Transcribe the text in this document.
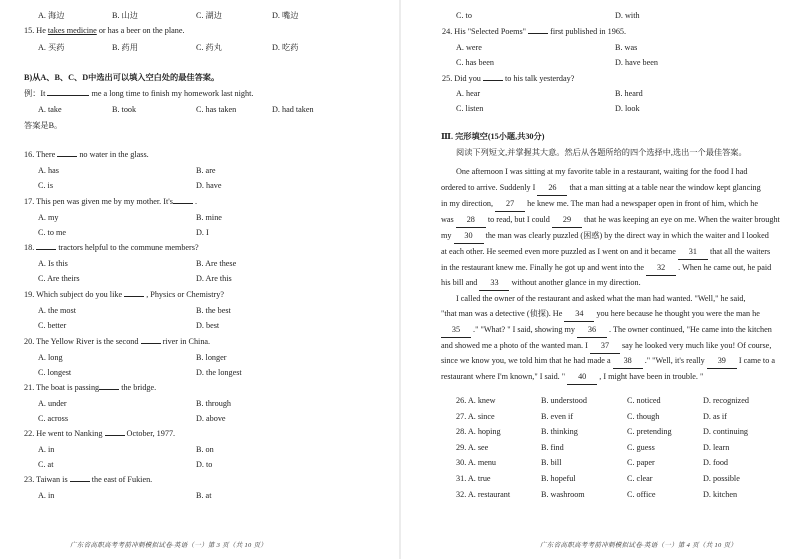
A. 海边	B. 山边	C. 湖边	D. 嘴边
15. He takes medicine or has a beer on the plane.
A. 买药	B. 药用	C. 药丸	D. 吃药
B)从A、B、C、D中选出可以填入空白处的最佳答案。
例：It	me a long time to finish my homework last night.
A. take	B. took	C. has taken	D. had taken
答案是B。
16. There  no water in the glass.
A. has	B. are
C. is	D. have
17. This pen was given me by my mother. It's .
A. my	B. mine
C. to me	D. I
18.  tractors helpful to the commune members?
A. Is this	B. Are these
C. Are theirs	D. Are this
19. Which subject do you like  , Physics or Chemistry?
A. the most	B. the best
C. better	D. best
20. The Yellow River is the second  river in China.
A. long	B. longer
C. longest	D. the longest
21. The boat is passing the bridge.
A. under	B. through
C. across	D. above
22. He went to Nanking  October, 1977.
A. in	B. on
C. at	D. to
23. Taiwan is  the east of Fukien.
A. in	B. at
广东省高职高考考前冲刺模拟试卷·英语（一）第 3 页（共 10 页）
C. to	D. with
24. His "Selected Poems"  first published in 1965.
A. were	B. was
C. has been	D. have been
25. Did you  to his talk yesterday?
A. hear	B. heard
C. listen	D. look
Ⅲ. 完形填空(15小题,共30分)
阅读下列短文,并掌握其大意。然后从各题所给的四个选择中,选出一个最佳答案。
One afternoon I was sitting at my favorite table in a restaurant, waiting for the food I had
ordered to arrive. Suddenly I 26 that a man sitting at a table near the window kept glancing
in my direction, 27 he knew me. The man had a newspaper open in front of him, which he
was 28 to read, but I could 29 that he was keeping an eye on me. When the waiter brought
my 30 the man was clearly puzzled (困惑) by the direct way in which the waiter and I looked
at each other. He seemed even more puzzled as I went on and it became 31 that all the waiters
in the restaurant knew me. Finally he got up and went into the 32 . When he came out, he paid
his bill and 33 without another glance in my direction.
I called the owner of the restaurant and asked what the man had wanted. "Well," he said,
"that man was a detective (侦探). He 34 you here because he thought you were the man he
35 ." "What? " I said, showing my 36 . The owner continued, "He came into the kitchen
and showed me a photo of the wanted man. I 37 say he looked very much like you! Of course,
since we know you, we told him that he had made a 38 ." "Well, it's really 39 I came to a
restaurant where I'm known," I said. " 40 , I might have been in trouble. "
26. A. knew	B. understood	C. noticed	D. recognized
27. A. since	B. even if	C. though	D. as if
28. A. hoping	B. thinking	C. pretending	D. continuing
29. A. see	B. find	C. guess	D. learn
30. A. menu	B. bill	C. paper	D. food
31. A. true	B. hopeful	C. clear	D. possible
32. A. restaurant	B. washroom	C. office	D. kitchen
广东省高职高考考前冲刺模拟试卷·英语（一）第 4 页（共 10 页）
